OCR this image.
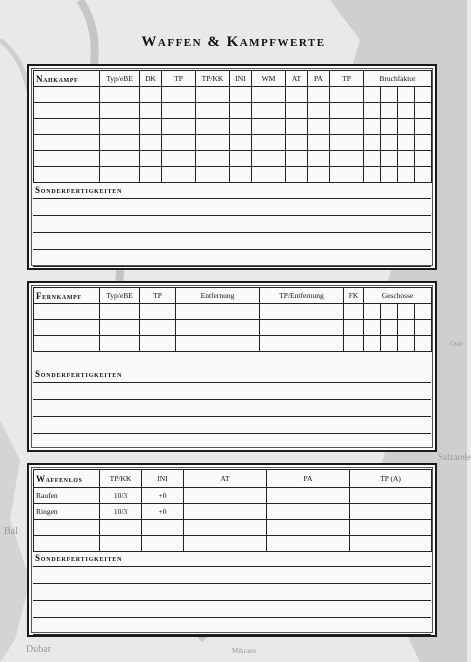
Salzarele
Dubar	Mikrano
Bal
Oste
Waffen & Kampfwerte
Nahkampf	Typ/eBE	DK	TP	TP/KK	INI	WM	AT	PA	TP	Bruchfaktor			

Sonderfertigkeiten
Fernkampf	Typ/eBE	TP	Entfernung	TP/Entfernung	FK	Geschosse			

Sonderfertigkeiten
Waffenlos	TP/KK	INI	AT	PA	TP (A)
Raufen	10/3	+0			
Ringen	10/3	+0			

Sonderfertigkeiten
